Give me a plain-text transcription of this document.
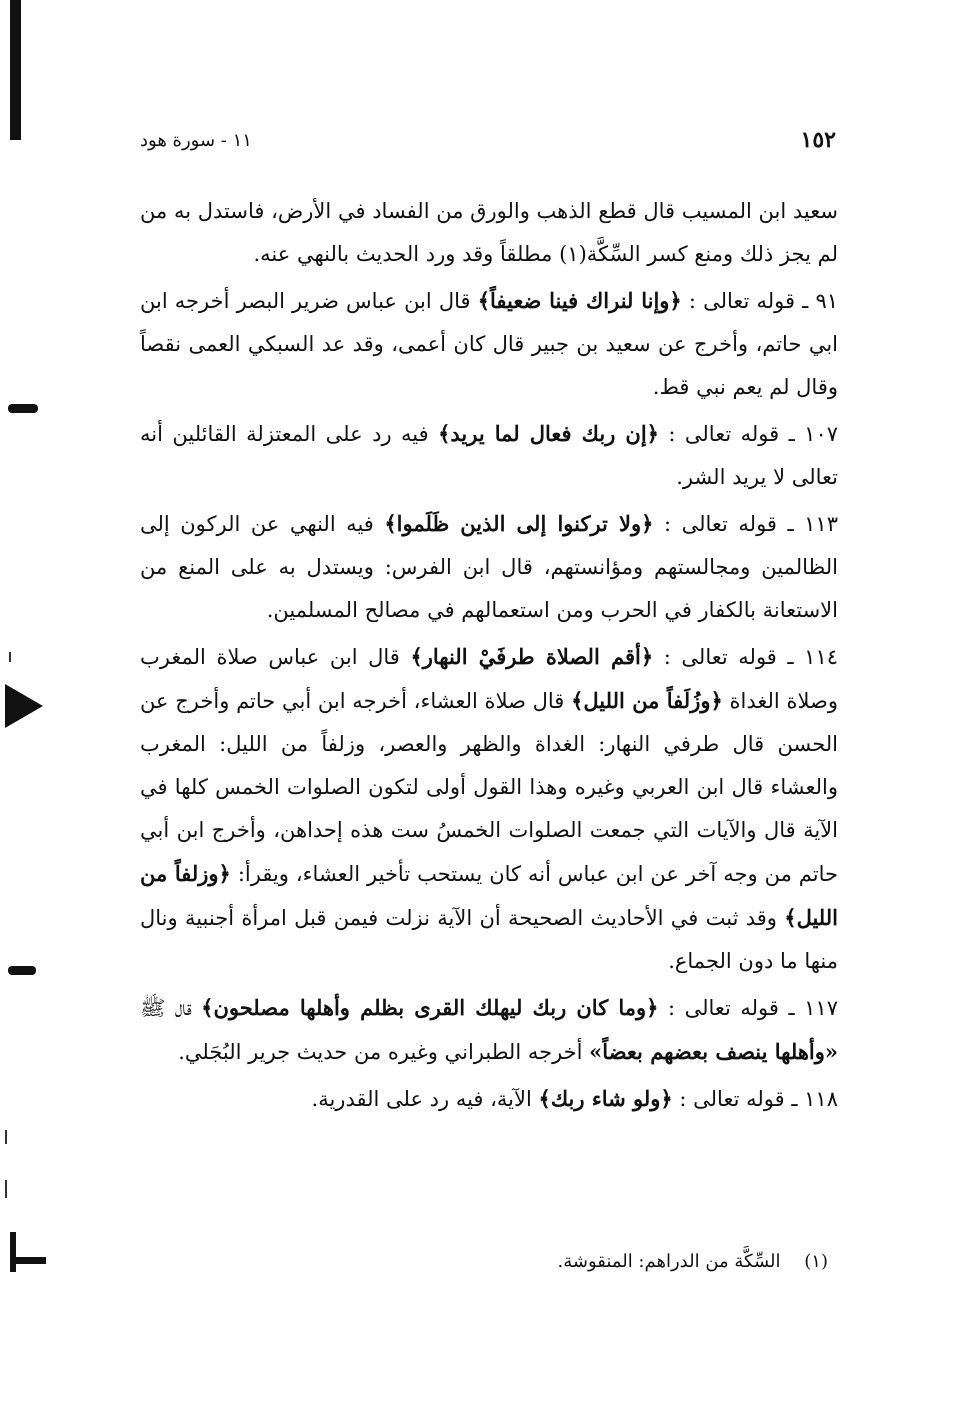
١٥٢
١١ - سورة هود

سعيد ابن المسيب قال قطع الذهب والورق من الفساد في الأرض، فاستدل به من لم يجز ذلك ومنع كسر السِّكَّة(١) مطلقاً وقد ورد الحديث بالنهي عنه.

٩١ ـ قوله تعالى : ﴿وإنا لنراك فينا ضعيفاً﴾ قال ابن عباس ضرير البصر أخرجه ابن ابي حاتم، وأخرج عن سعيد بن جبير قال كان أعمى، وقد عد السبكي العمى نقصاً وقال لم يعم نبي قط.

١٠٧ ـ قوله تعالى : ﴿إن ربك فعال لما يريد﴾ فيه رد على المعتزلة القائلين أنه تعالى لا يريد الشر.

١١٣ ـ قوله تعالى : ﴿ولا تركنوا إلى الذين ظَلَموا﴾ فيه النهي عن الركون إلى الظالمين ومجالستهم ومؤانستهم، قال ابن الفرس: ويستدل به على المنع من الاستعانة بالكفار في الحرب ومن استعمالهم في مصالح المسلمين.

١١٤ ـ قوله تعالى : ﴿أقم الصلاة طرفَيْ النهار﴾ قال ابن عباس صلاة المغرب وصلاة الغداة ﴿وزُلَفاً من الليل﴾ قال صلاة العشاء، أخرجه ابن أبي حاتم وأخرج عن الحسن قال طرفي النهار: الغداة والظهر والعصر، وزلفاً من الليل: المغرب والعشاء قال ابن العربي وغيره وهذا القول أولى لتكون الصلوات الخمس كلها في الآية قال والآيات التي جمعت الصلوات الخمسُ ست هذه إحداهن، وأخرج ابن أبي حاتم من وجه آخر عن ابن عباس أنه كان يستحب تأخير العشاء، ويقرأ: ﴿وزلفاً من الليل﴾ وقد ثبت في الأحاديث الصحيحة أن الآية نزلت فيمن قبل امرأة أجنبية ونال منها ما دون الجماع.

١١٧ ـ قوله تعالى : ﴿وما كان ربك ليهلك القرى بظلم وأهلها مصلحون﴾ قال ﷺ «وأهلها ينصف بعضهم بعضاً» أخرجه الطبراني وغيره من حديث جرير البُجَلي.

١١٨ ـ قوله تعالى : ﴿ولو شاء ربك﴾ الآية، فيه رد على القدرية.

(١) السِّكَّة من الدراهم: المنقوشة.
